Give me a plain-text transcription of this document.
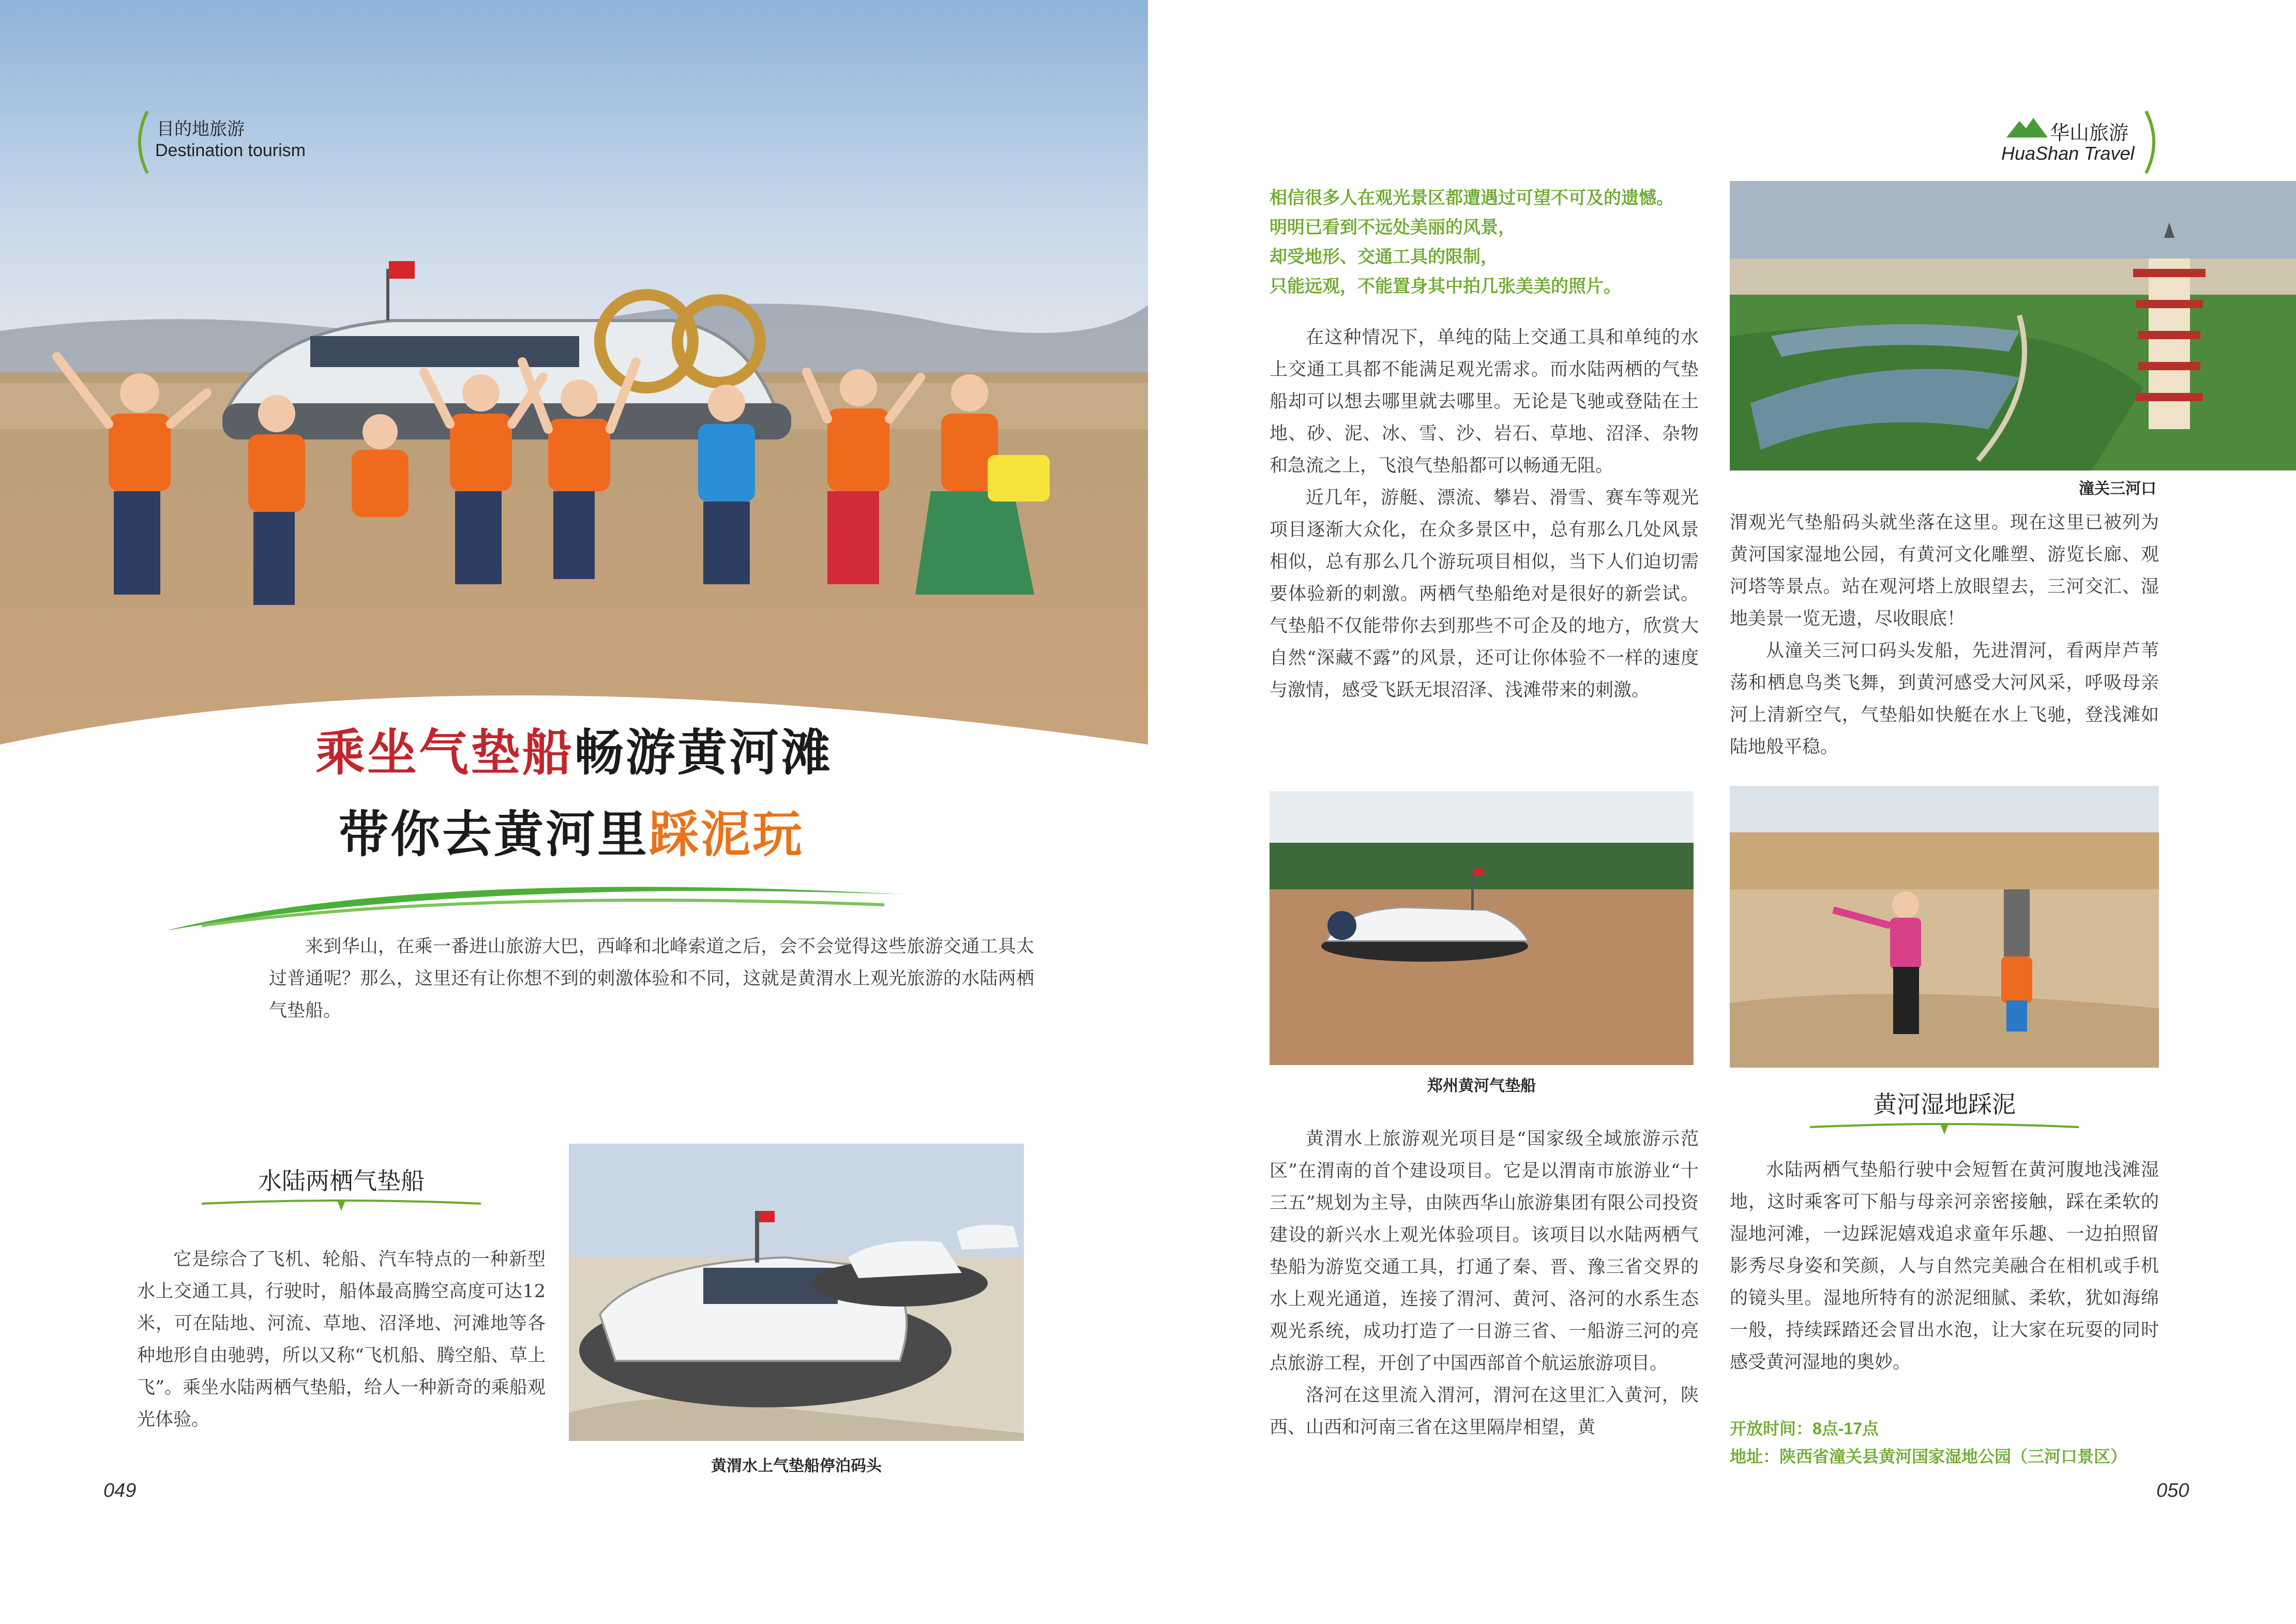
目的地旅游
Destination tourism
华山旅游
HuaShan Travel
乘坐气垫船畅游黄河滩
带你去黄河里踩泥玩

来到华山，在乘一番进山旅游大巴，西峰和北峰索道之后，会不会觉得这些旅游交通工具太过普通呢？那么，这里还有让你想不到的刺激体验和不同，这就是黄渭水上观光旅游的水陆两栖气垫船。

水陆两栖气垫船

它是综合了飞机、轮船、汽车特点的一种新型水上交通工具，行驶时，船体最高腾空高度可达12米，可在陆地、河流、草地、沼泽地、河滩地等各种地形自由驰骋，所以又称“飞机船、腾空船、草上飞”。乘坐水陆两栖气垫船，给人一种新奇的乘船观光体验。

黄渭水上气垫船停泊码头
049
相信很多人在观光景区都遭遇过可望不可及的遗憾。
明明已看到不远处美丽的风景，
却受地形、交通工具的限制，
只能远观，不能置身其中拍几张美美的照片。
潼关三河口

在这种情况下，单纯的陆上交通工具和单纯的水上交通工具都不能满足观光需求。而水陆两栖的气垫船却可以想去哪里就去哪里。无论是飞驰或登陆在土地、砂、泥、冰、雪、沙、岩石、草地、沼泽、杂物和急流之上，飞浪气垫船都可以畅通无阻。

近几年，游艇、漂流、攀岩、滑雪、赛车等观光项目逐渐大众化，在众多景区中，总有那么几处风景相似，总有那么几个游玩项目相似，当下人们迫切需要体验新的刺激。两栖气垫船绝对是很好的新尝试。气垫船不仅能带你去到那些不可企及的地方，欣赏大自然“深藏不露”的风景，还可让你体验不一样的速度与激情，感受飞跃无垠沼泽、浅滩带来的刺激。

郑州黄河气垫船

黄渭水上旅游观光项目是“国家级全域旅游示范区”在渭南的首个建设项目。它是以渭南市旅游业“十三五”规划为主导，由陕西华山旅游集团有限公司投资建设的新兴水上观光体验项目。该项目以水陆两栖气垫船为游览交通工具，打通了秦、晋、豫三省交界的水上观光通道，连接了渭河、黄河、洛河的水系生态观光系统，成功打造了一日游三省、一船游三河的亮点旅游工程，开创了中国西部首个航运旅游项目。

洛河在这里流入渭河，渭河在这里汇入黄河，陕西、山西和河南三省在这里隔岸相望，黄

渭观光气垫船码头就坐落在这里。现在这里已被列为黄河国家湿地公园，有黄河文化雕塑、游览长廊、观河塔等景点。站在观河塔上放眼望去，三河交汇、湿地美景一览无遗，尽收眼底！

从潼关三河口码头发船，先进渭河，看两岸芦苇荡和栖息鸟类飞舞，到黄河感受大河风采，呼吸母亲河上清新空气，气垫船如快艇在水上飞驰，登浅滩如陆地般平稳。

黄河湿地踩泥

水陆两栖气垫船行驶中会短暂在黄河腹地浅滩湿地，这时乘客可下船与母亲河亲密接触，踩在柔软的湿地河滩，一边踩泥嬉戏追求童年乐趣、一边拍照留影秀尽身姿和笑颜，人与自然完美融合在相机或手机的镜头里。湿地所特有的淤泥细腻、柔软，犹如海绵一般，持续踩踏还会冒出水泡，让大家在玩耍的同时感受黄河湿地的奥妙。

开放时间：8点-17点
地址：陕西省潼关县黄河国家湿地公园（三河口景区）
050
